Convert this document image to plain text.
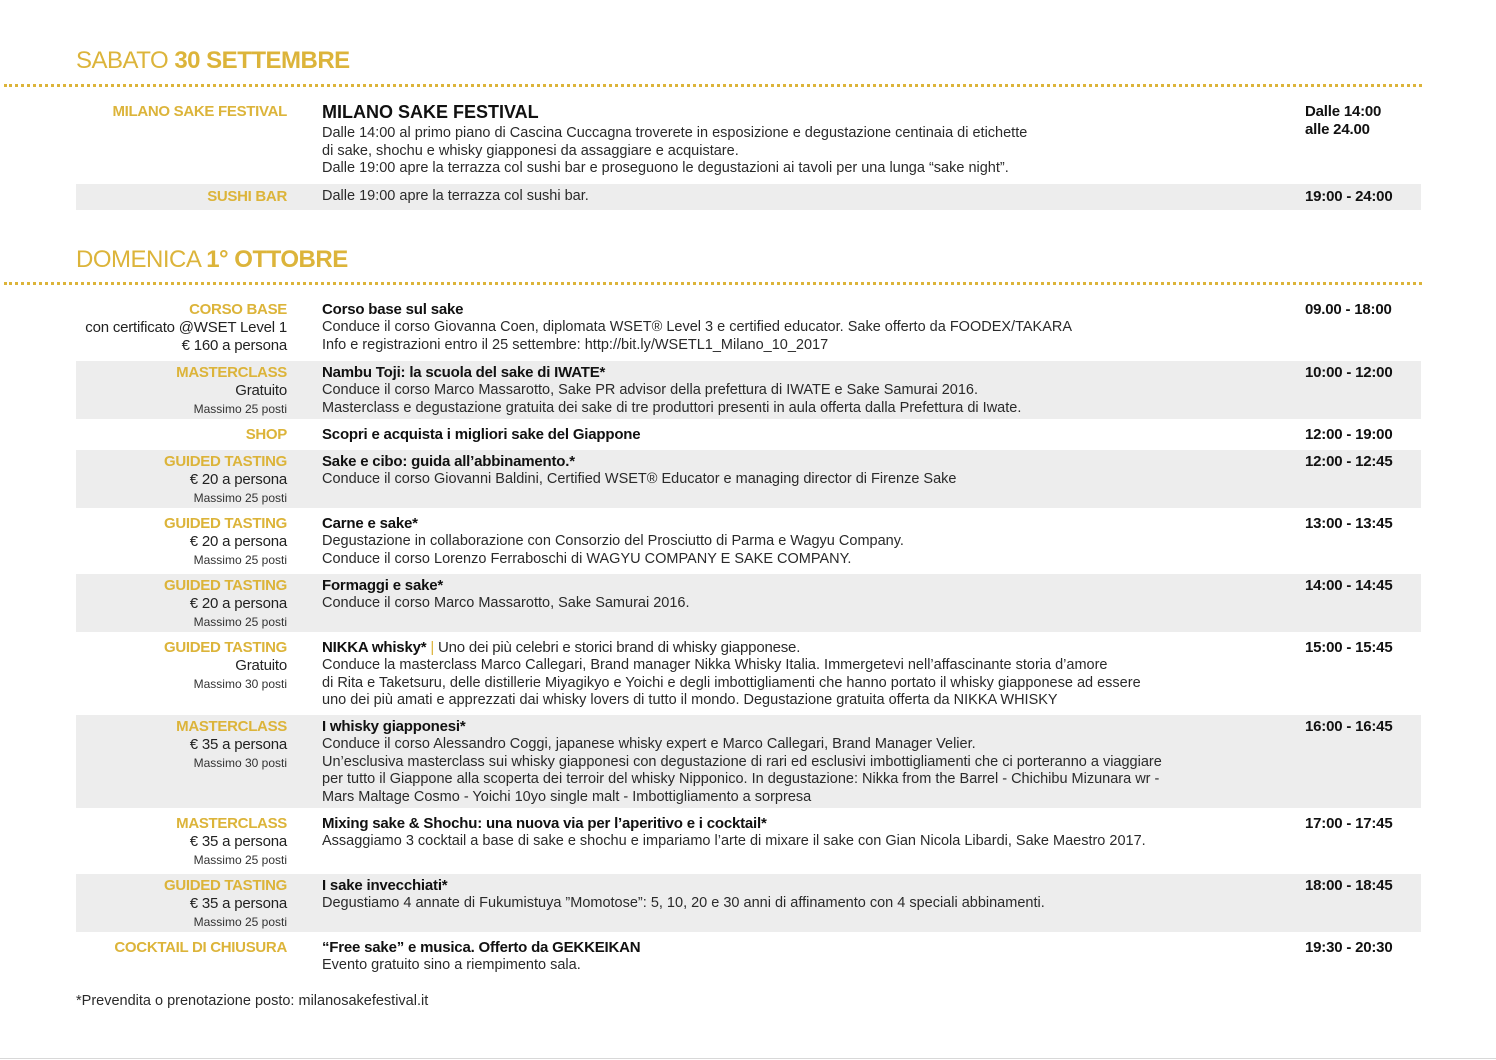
SABATO 30 SETTEMBRE
MILANO SAKE FESTIVAL MILANO SAKE FESTIVAL
Dalle 14:00 al primo piano di Cascina Cuccagna troverete in esposizione e degustazione centinaia di etichette
di sake, shochu e whisky giapponesi da assaggiare e acquistare.
Dalle 19:00 apre la terrazza col sushi bar e proseguono le degustazioni ai tavoli per una lunga “sake night”.
Dalle 14:00
alle 24.00
SUSHI BAR Dalle 19:00 apre la terrazza col sushi bar.	19:00 - 24:00
DOMENICA 1° OTTOBRE
CORSO BASE
con certificato @WSET Level 1
€ 160 a persona
Corso base sul sake
Conduce il corso Giovanna Coen, diplomata WSET® Level 3 e certified educator. Sake offerto da FOODEX/TAKARA
Info e registrazioni entro il 25 settembre: http://bit.ly/WSETL1_Milano_10_2017
09.00 - 18:00
MASTERCLASS
Gratuito
Massimo 25 posti
Nambu Toji: la scuola del sake di IWATE*
Conduce il corso Marco Massarotto, Sake PR advisor della prefettura di IWATE e Sake Samurai 2016.
Masterclass e degustazione gratuita dei sake di tre produttori presenti in aula offerta dalla Prefettura di Iwate.
10:00 - 12:00
SHOP Scopri e acquista i migliori sake del Giappone	12:00 - 19:00
GUIDED TASTING
€ 20 a persona
Massimo 25 posti
Sake e cibo: guida all’abbinamento.*
Conduce il corso Giovanni Baldini, Certified WSET® Educator e managing director di Firenze Sake
12:00 - 12:45
GUIDED TASTING
€ 20 a persona
Massimo 25 posti
Carne e sake*
Degustazione in collaborazione con Consorzio del Prosciutto di Parma e Wagyu Company.
Conduce il corso Lorenzo Ferraboschi di WAGYU COMPANY E SAKE COMPANY.
13:00 - 13:45
GUIDED TASTING
€ 20 a persona
Massimo 25 posti
Formaggi e sake*
Conduce il corso Marco Massarotto, Sake Samurai 2016.
14:00 - 14:45
GUIDED TASTING
Gratuito
Massimo 30 posti
NIKKA whisky* | Uno dei più celebri e storici brand di whisky giapponese.
Conduce la masterclass Marco Callegari, Brand manager Nikka Whisky Italia. Immergetevi nell’affascinante storia d’amore
di Rita e Taketsuru, delle distillerie Miyagikyo e Yoichi e degli imbottigliamenti che hanno portato il whisky giapponese ad essere
uno dei più amati e apprezzati dai whisky lovers di tutto il mondo. Degustazione gratuita offerta da NIKKA WHISKY
15:00 - 15:45
MASTERCLASS
€ 35 a persona
Massimo 30 posti
I whisky giapponesi*
Conduce il corso Alessandro Coggi, japanese whisky expert e Marco Callegari, Brand Manager Velier.
Un’esclusiva masterclass sui whisky giapponesi con degustazione di rari ed esclusivi imbottigliamenti che ci porteranno a viaggiare
per tutto il Giappone alla scoperta dei terroir del whisky Nipponico. In degustazione: Nikka from the Barrel - Chichibu Mizunara wr -
Mars Maltage Cosmo - Yoichi 10yo single malt - Imbottigliamento a sorpresa
16:00 - 16:45
MASTERCLASS
€ 35 a persona
Massimo 25 posti
Mixing sake & Shochu: una nuova via per l’aperitivo e i cocktail*
Assaggiamo 3 cocktail a base di sake e shochu e impariamo l’arte di mixare il sake con Gian Nicola Libardi, Sake Maestro 2017.
17:00 - 17:45
GUIDED TASTING
€ 35 a persona
Massimo 25 posti
I sake invecchiati*
Degustiamo 4 annate di Fukumistuya ”Momotose”: 5, 10, 20 e 30 anni di affinamento con 4 speciali abbinamenti.
18:00 - 18:45
COCKTAIL DI CHIUSURA “Free sake” e musica. Offerto da GEKKEIKAN
Evento gratuito sino a riempimento sala.
19:30 - 20:30
*Prevendita o prenotazione posto: milanosakefestival.it
